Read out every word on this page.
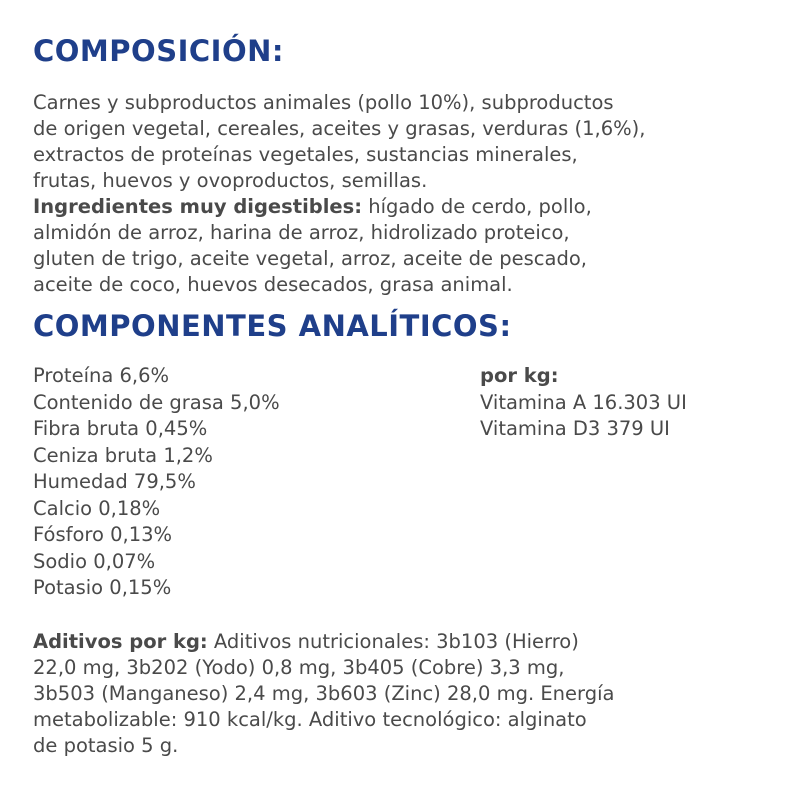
COMPOSICIÓN:
Carnes y subproductos animales (pollo 10%), subproductos
de origen vegetal, cereales, aceites y grasas, verduras (1,6%),
extractos de proteínas vegetales, sustancias minerales,
frutas, huevos y ovoproductos, semillas.
Ingredientes muy digestibles: hígado de cerdo, pollo,
almidón de arroz, harina de arroz, hidrolizado proteico,
gluten de trigo, aceite vegetal, arroz, aceite de pescado,
aceite de coco, huevos desecados, grasa animal.
COMPONENTES ANALÍTICOS:
Proteína 6,6%
Contenido de grasa 5,0%
Fibra bruta 0,45%
Ceniza bruta 1,2%
Humedad 79,5%
Calcio 0,18%
Fósforo 0,13%
Sodio 0,07%
Potasio 0,15%
por kg:
Vitamina A 16.303 UI
Vitamina D3 379 UI
Aditivos por kg: Aditivos nutricionales: 3b103 (Hierro)
22,0 mg, 3b202 (Yodo) 0,8 mg, 3b405 (Cobre) 3,3 mg,
3b503 (Manganeso) 2,4 mg, 3b603 (Zinc) 28,0 mg. Energía
metabolizable: 910 kcal/kg. Aditivo tecnológico: alginato
de potasio 5 g.
